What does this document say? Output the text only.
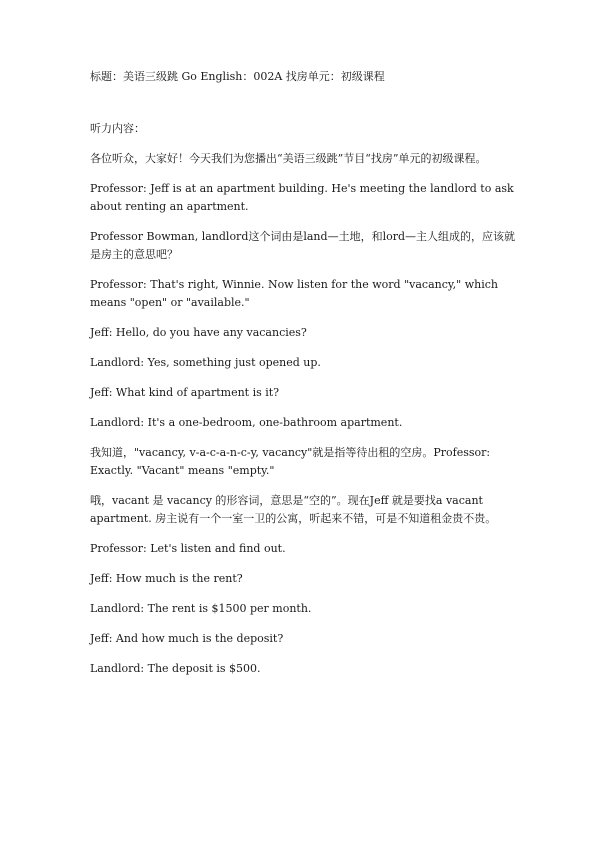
标题：美语三级跳 Go English：002A 找房单元：初级课程
听力内容：

各位听众，大家好！今天我们为您播出“美语三级跳”节目“找房”单元的初级课程。

Professor: Jeff is at an apartment building. He's meeting the landlord to ask about renting an apartment.

Professor Bowman, landlord这个词由是land—土地，和lord—主人组成的，应该就是房主的意思吧？

Professor: That's right, Winnie. Now listen for the word "vacancy," which means "open" or "available."

Jeff: Hello, do you have any vacancies?

Landlord: Yes, something just opened up.

Jeff: What kind of apartment is it?

Landlord: It's a one-bedroom, one-bathroom apartment.

我知道，"vacancy, v-a-c-a-n-c-y, vacancy"就是指等待出租的空房。Professor: Exactly. "Vacant" means "empty."

哦，vacant 是 vacancy 的形容词，意思是“空的”。现在Jeff 就是要找a vacant apartment. 房主说有一个一室一卫的公寓，听起来不错，可是不知道租金贵不贵。

Professor: Let's listen and find out.

Jeff: How much is the rent?

Landlord: The rent is $1500 per month.

Jeff: And how much is the deposit?

Landlord: The deposit is $500.
